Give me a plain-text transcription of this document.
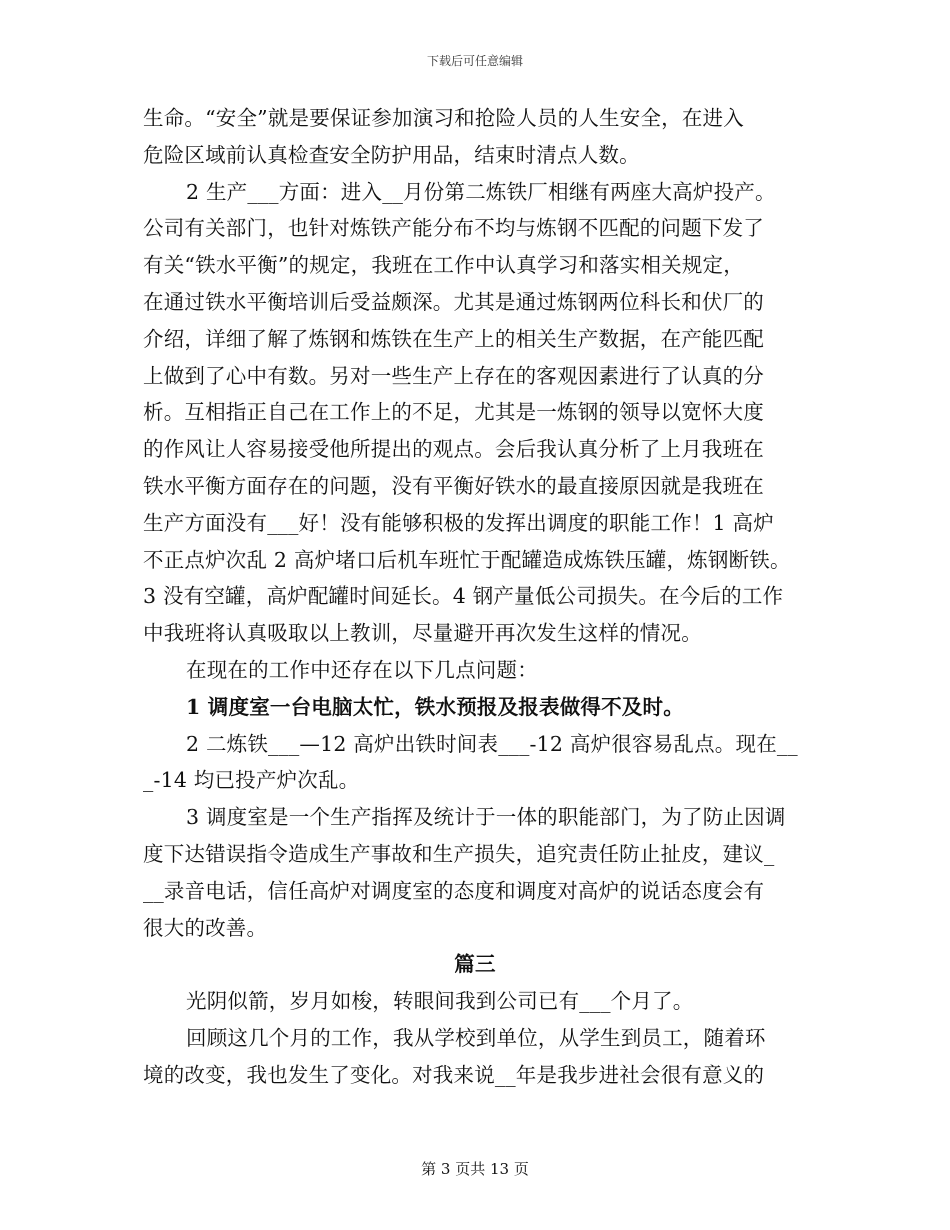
下载后可任意编辑
生命。“安全”就是要保证参加演习和抢险人员的人生安全，在进入
危险区域前认真检查安全防护用品，结束时清点人数。
2 生产___方面：进入__月份第二炼铁厂相继有两座大高炉投产。
公司有关部门，也针对炼铁产能分布不均与炼钢不匹配的问题下发了
有关“铁水平衡”的规定，我班在工作中认真学习和落实相关规定，
在通过铁水平衡培训后受益颇深。尤其是通过炼钢两位科长和伏厂的
介绍，详细了解了炼钢和炼铁在生产上的相关生产数据，在产能匹配
上做到了心中有数。另对一些生产上存在的客观因素进行了认真的分
析。互相指正自己在工作上的不足，尤其是一炼钢的领导以宽怀大度
的作风让人容易接受他所提出的观点。会后我认真分析了上月我班在
铁水平衡方面存在的问题，没有平衡好铁水的最直接原因就是我班在
生产方面没有___好！没有能够积极的发挥出调度的职能工作！1 高炉
不正点炉次乱 2 高炉堵口后机车班忙于配罐造成炼铁压罐，炼钢断铁。
3 没有空罐，高炉配罐时间延长。4 钢产量低公司损失。在今后的工作
中我班将认真吸取以上教训，尽量避开再次发生这样的情况。
在现在的工作中还存在以下几点问题：
1 调度室一台电脑太忙，铁水预报及报表做得不及时。
2 二炼铁___—12 高炉出铁时间表___-12 高炉很容易乱点。现在__
_-14 均已投产炉次乱。
3 调度室是一个生产指挥及统计于一体的职能部门，为了防止因调
度下达错误指令造成生产事故和生产损失，追究责任防止扯皮，建议_
__录音电话，信任高炉对调度室的态度和调度对高炉的说话态度会有
很大的改善。
篇三
光阴似箭，岁月如梭，转眼间我到公司已有___个月了。
回顾这几个月的工作，我从学校到单位，从学生到员工，随着环
境的改变，我也发生了变化。对我来说__年是我步进社会很有意义的
第 3 页共 13 页
